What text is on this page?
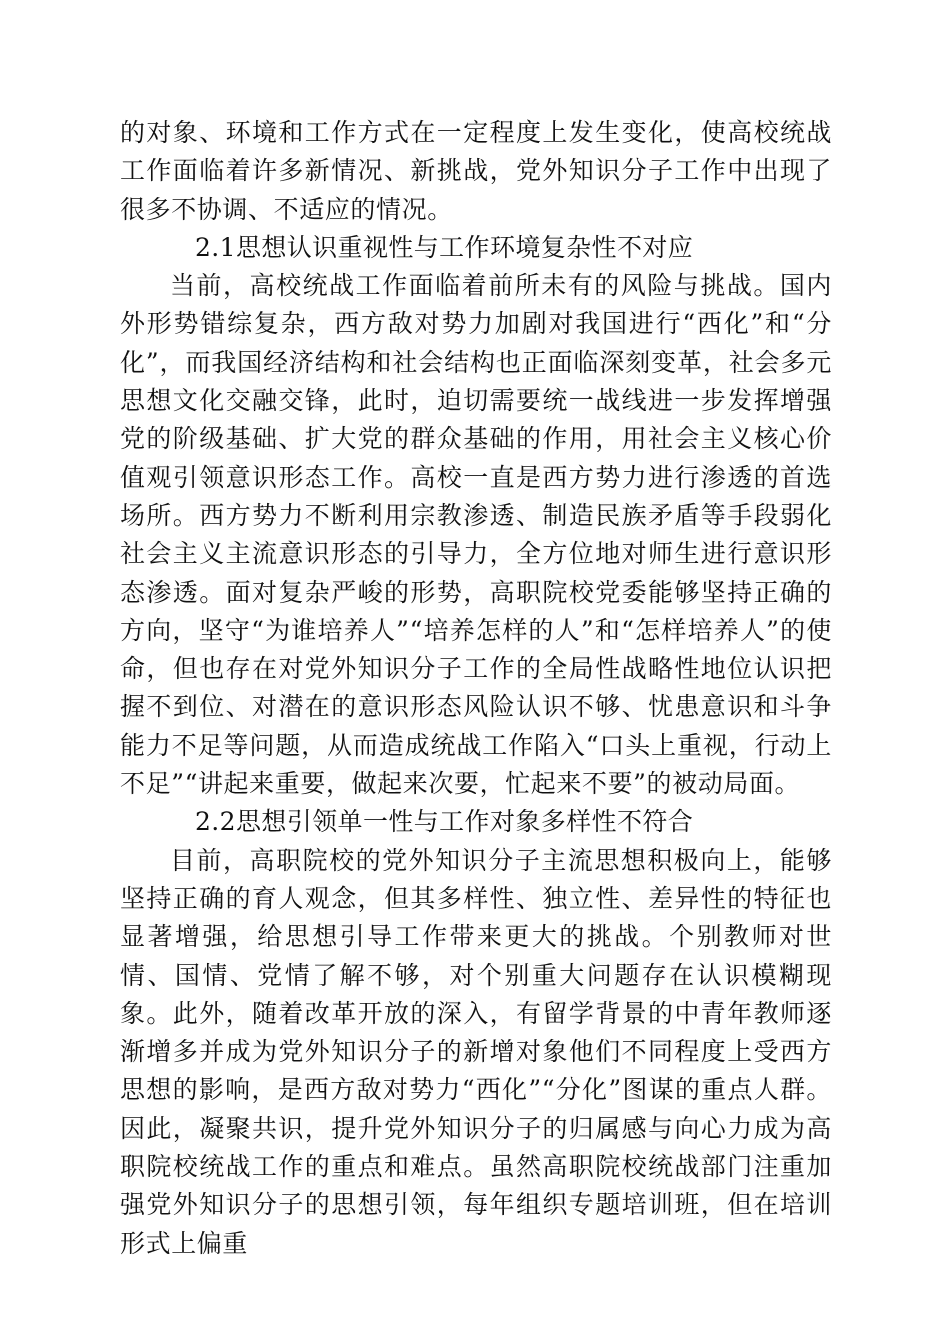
的对象、环境和工作方式在一定程度上发生变化，使高校统战工作面临着许多新情况、新挑战，党外知识分子工作中出现了很多不协调、不适应的情况。

2.1思想认识重视性与工作环境复杂性不对应

当前，高校统战工作面临着前所未有的风险与挑战。国内外形势错综复杂，西方敌对势力加剧对我国进行“西化”和“分化”，而我国经济结构和社会结构也正面临深刻变革，社会多元思想文化交融交锋，此时，迫切需要统一战线进一步发挥增强党的阶级基础、扩大党的群众基础的作用，用社会主义核心价值观引领意识形态工作。高校一直是西方势力进行渗透的首选场所。西方势力不断利用宗教渗透、制造民族矛盾等手段弱化社会主义主流意识形态的引导力，全方位地对师生进行意识形态渗透。面对复杂严峻的形势，高职院校党委能够坚持正确的方向，坚守“为谁培养人”“培养怎样的人”和“怎样培养人”的使命，但也存在对党外知识分子工作的全局性战略性地位认识把握不到位、对潜在的意识形态风险认识不够、忧患意识和斗争能力不足等问题，从而造成统战工作陷入“口头上重视，行动上不足”“讲起来重要，做起来次要，忙起来不要”的被动局面。

2.2思想引领单一性与工作对象多样性不符合

目前，高职院校的党外知识分子主流思想积极向上，能够坚持正确的育人观念，但其多样性、独立性、差异性的特征也显著增强，给思想引导工作带来更大的挑战。个别教师对世情、国情、党情了解不够，对个别重大问题存在认识模糊现象。此外，随着改革开放的深入，有留学背景的中青年教师逐渐增多并成为党外知识分子的新增对象他们不同程度上受西方思想的影响，是西方敌对势力“西化”“分化”图谋的重点人群。因此，凝聚共识，提升党外知识分子的归属感与向心力成为高职院校统战工作的重点和难点。虽然高职院校统战部门注重加强党外知识分子的思想引领，每年组织专题培训班，但在培训形式上偏重
